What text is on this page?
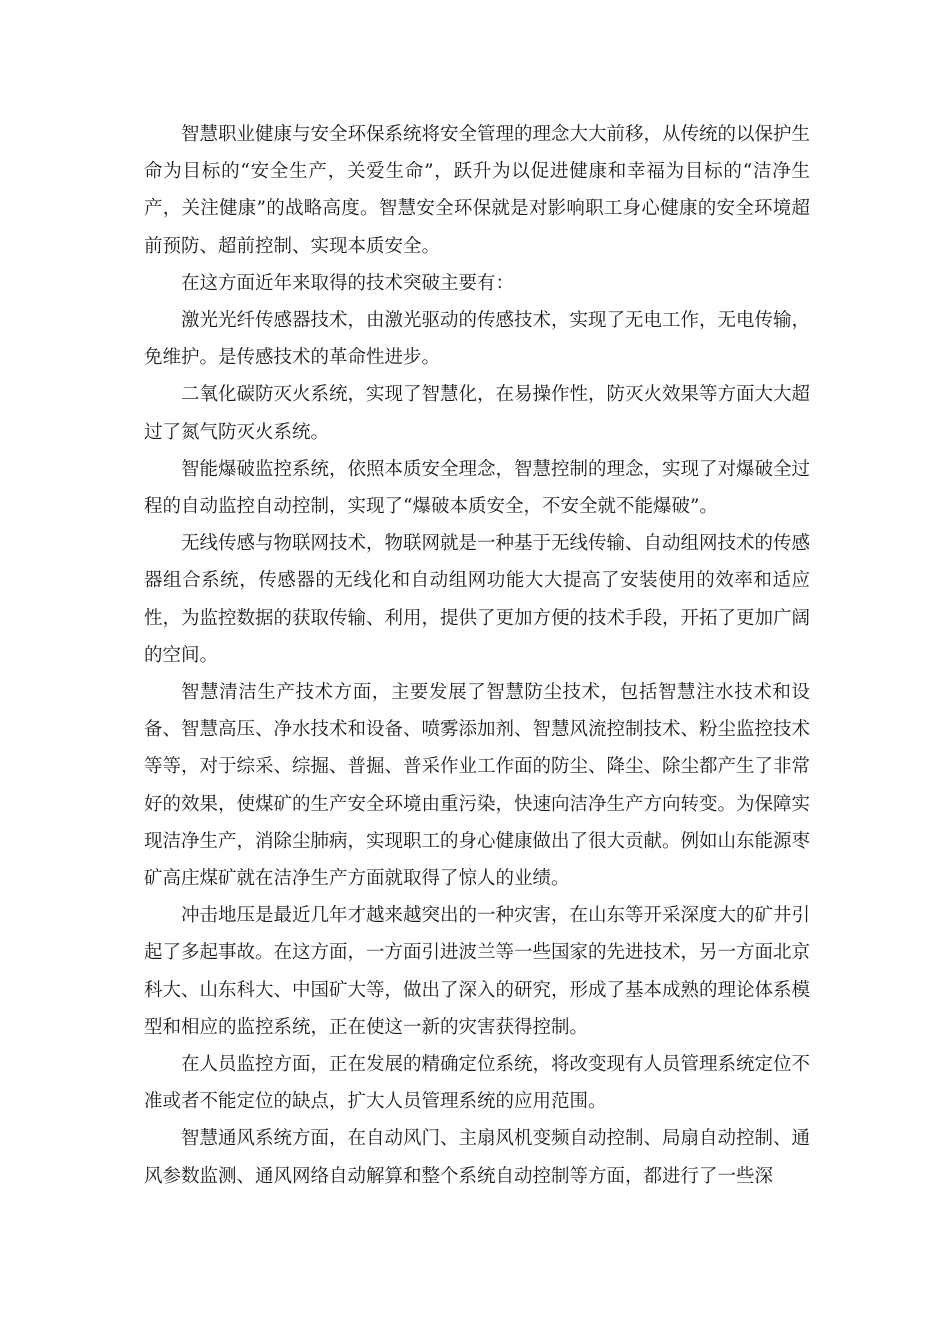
智慧职业健康与安全环保系统将安全管理的理念大大前移，从传统的以保护生命为目标的“安全生产，关爱生命”，跃升为以促进健康和幸福为目标的“洁净生产，关注健康”的战略高度。智慧安全环保就是对影响职工身心健康的安全环境超前预防、超前控制、实现本质安全。

在这方面近年来取得的技术突破主要有：

激光光纤传感器技术，由激光驱动的传感技术，实现了无电工作，无电传输，免维护。是传感技术的革命性进步。

二氧化碳防灭火系统，实现了智慧化，在易操作性，防灭火效果等方面大大超过了氮气防灭火系统。

智能爆破监控系统，依照本质安全理念，智慧控制的理念，实现了对爆破全过程的自动监控自动控制，实现了“爆破本质安全，不安全就不能爆破”。

无线传感与物联网技术，物联网就是一种基于无线传输、自动组网技术的传感器组合系统，传感器的无线化和自动组网功能大大提高了安装使用的效率和适应性，为监控数据的获取传输、利用，提供了更加方便的技术手段，开拓了更加广阔的空间。

智慧清洁生产技术方面，主要发展了智慧防尘技术，包括智慧注水技术和设备、智慧高压、净水技术和设备、喷雾添加剂、智慧风流控制技术、粉尘监控技术等等，对于综采、综掘、普掘、普采作业工作面的防尘、降尘、除尘都产生了非常好的效果，使煤矿的生产安全环境由重污染，快速向洁净生产方向转变。为保障实现洁净生产，消除尘肺病，实现职工的身心健康做出了很大贡献。例如山东能源枣矿高庄煤矿就在洁净生产方面就取得了惊人的业绩。

冲击地压是最近几年才越来越突出的一种灾害，在山东等开采深度大的矿井引起了多起事故。在这方面，一方面引进波兰等一些国家的先进技术，另一方面北京科大、山东科大、中国矿大等，做出了深入的研究，形成了基本成熟的理论体系模型和相应的监控系统，正在使这一新的灾害获得控制。

在人员监控方面，正在发展的精确定位系统，将改变现有人员管理系统定位不准或者不能定位的缺点，扩大人员管理系统的应用范围。

智慧通风系统方面，在自动风门、主扇风机变频自动控制、局扇自动控制、通风参数监测、通风网络自动解算和整个系统自动控制等方面，都进行了一些深
